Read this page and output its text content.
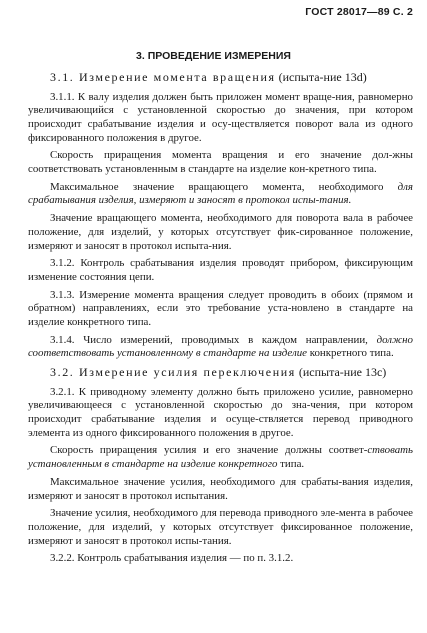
ГОСТ 28017—89 С. 2
3. ПРОВЕДЕНИЕ ИЗМЕРЕНИЯ

3.1. Измерение момента вращения (испыта-ние 13d)

3.1.1. К валу изделия должен быть приложен момент враще-ния, равномерно увеличивающийся с установленной скоростью до значения, при котором происходит срабатывание изделия и осу-ществляется поворот вала из одного фиксированного положения в другое.

Скорость приращения момента вращения и его значение дол-жны соответствовать установленным в стандарте на изделие кон-кретного типа.

Максимальное значение вращающего момента, необходимого для срабатывания изделия, измеряют и заносят в протокол испы-тания.

Значение вращающего момента, необходимого для поворота вала в рабочее положение, для изделий, у которых отсутствует фик-сированное положение, измеряют и заносят в протокол испыта-ния.

3.1.2. Контроль срабатывания изделия проводят прибором, фиксирующим изменение состояния цепи.

3.1.3. Измерение момента вращения следует проводить в обоих (прямом и обратном) направлениях, если это требование уста-новлено в стандарте на изделие конкретного типа.

3.1.4. Число измерений, проводимых в каждом направлении, должно соответствовать установленному в стандарте на изделие конкретного типа.

3.2. Измерение усилия переключения (испыта-ние 13с)

3.2.1. К приводному элементу должно быть приложено усилие, равномерно увеличивающееся с установленной скоростью до зна-чения, при котором происходит срабатывание изделия и осуще-ствляется перевод приводного элемента из одного фиксированного положения в другое.

Скорость приращения усилия и его значение должны соответ-ствовать установленным в стандарте на изделие конкретного типа.

Максимальное значение усилия, необходимого для срабаты-вания изделия, измеряют и заносят в протокол испытания.

Значение усилия, необходимого для перевода приводного эле-мента в рабочее положение, для изделий, у которых отсутствует фиксированное положение, измеряют и заносят в протокол испы-тания.

3.2.2. Контроль срабатывания изделия — по п. 3.1.2.
